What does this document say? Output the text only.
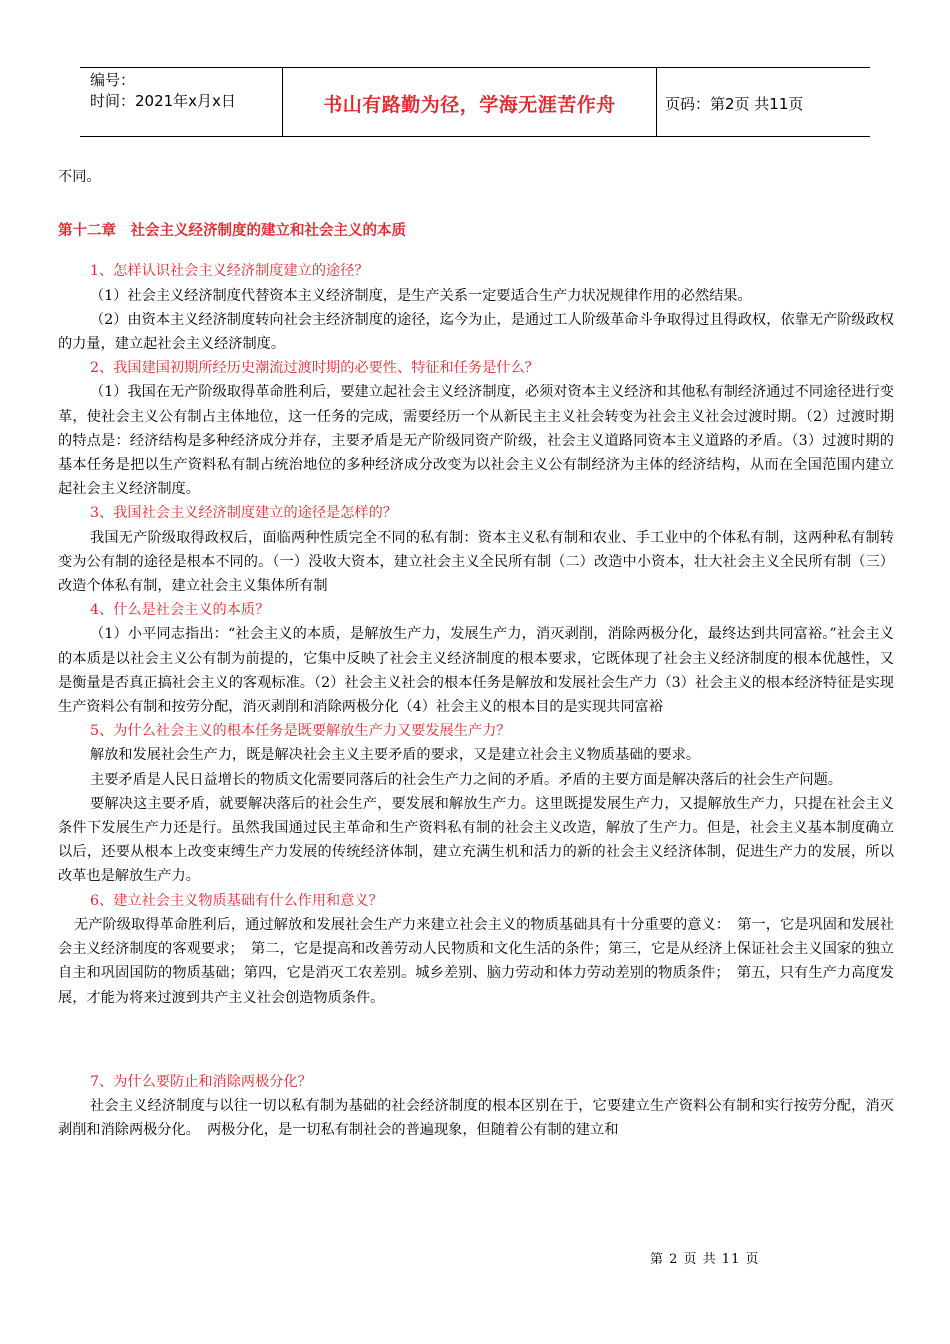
编号：
时间：2021年x月x日	书山有路勤为径，学海无涯苦作舟	页码：第2页 共11页

不同。

第十二章　社会主义经济制度的建立和社会主义的本质

1、怎样认识社会主义经济制度建立的途径？

（1）社会主义经济制度代替资本主义经济制度，是生产关系一定要适合生产力状况规律作用的必然结果。

（2）由资本主义经济制度转向社会主经济制度的途径，迄今为止，是通过工人阶级革命斗争取得过且得政权，依靠无产阶级政权的力量，建立起社会主义经济制度。

2、我国建国初期所经历史潮流过渡时期的必要性、特征和任务是什么？

（1）我国在无产阶级取得革命胜利后，要建立起社会主义经济制度，必须对资本主义经济和其他私有制经济通过不同途径进行变革，使社会主义公有制占主体地位，这一任务的完成，需要经历一个从新民主主义社会转变为社会主义社会过渡时期。（2）过渡时期的特点是：经济结构是多种经济成分并存，主要矛盾是无产阶级同资产阶级，社会主义道路同资本主义道路的矛盾。（3）过渡时期的基本任务是把以生产资料私有制占统治地位的多种经济成分改变为以社会主义公有制经济为主体的经济结构，从而在全国范围内建立起社会主义经济制度。

3、我国社会主义经济制度建立的途径是怎样的？

我国无产阶级取得政权后，面临两种性质完全不同的私有制：资本主义私有制和农业、手工业中的个体私有制，这两种私有制转变为公有制的途径是根本不同的。（一）没收大资本，建立社会主义全民所有制（二）改造中小资本，壮大社会主义全民所有制（三）改造个体私有制，建立社会主义集体所有制

4、什么是社会主义的本质？

（1）小平同志指出：“社会主义的本质，是解放生产力，发展生产力，消灭剥削，消除两极分化，最终达到共同富裕。”社会主义的本质是以社会主义公有制为前提的，它集中反映了社会主义经济制度的根本要求，它既体现了社会主义经济制度的根本优越性，又是衡量是否真正搞社会主义的客观标准。（2）社会主义社会的根本任务是解放和发展社会生产力（3）社会主义的根本经济特征是实现生产资料公有制和按劳分配，消灭剥削和消除两极分化（4）社会主义的根本目的是实现共同富裕

5、为什么社会主义的根本任务是既要解放生产力又要发展生产力？

解放和发展社会生产力，既是解决社会主义主要矛盾的要求，又是建立社会主义物质基础的要求。

主要矛盾是人民日益增长的物质文化需要同落后的社会生产力之间的矛盾。矛盾的主要方面是解决落后的社会生产问题。

要解决这主要矛盾，就要解决落后的社会生产，要发展和解放生产力。这里既提发展生产力，又提解放生产力，只提在社会主义条件下发展生产力还是行。虽然我国通过民主革命和生产资料私有制的社会主义改造，解放了生产力。但是，社会主义基本制度确立以后，还要从根本上改变束缚生产力发展的传统经济体制，建立充满生机和活力的新的社会主义经济体制，促进生产力的发展，所以改革也是解放生产力。

6、建立社会主义物质基础有什么作用和意义？

无产阶级取得革命胜利后，通过解放和发展社会生产力来建立社会主义的物质基础具有十分重要的意义：　第一，它是巩固和发展社会主义经济制度的客观要求；　第二，它是提高和改善劳动人民物质和文化生活的条件；第三，它是从经济上保证社会主义国家的独立自主和巩固国防的物质基础；第四，它是消灭工农差别。城乡差别、脑力劳动和体力劳动差别的物质条件；　第五，只有生产力高度发展，才能为将来过渡到共产主义社会创造物质条件。

7、为什么要防止和消除两极分化？

社会主义经济制度与以往一切以私有制为基础的社会经济制度的根本区别在于，它要建立生产资料公有制和实行按劳分配，消灭剥削和消除两极分化。　两极分化，是一切私有制社会的普遍现象，但随着公有制的建立和

第 2 页 共 11 页
